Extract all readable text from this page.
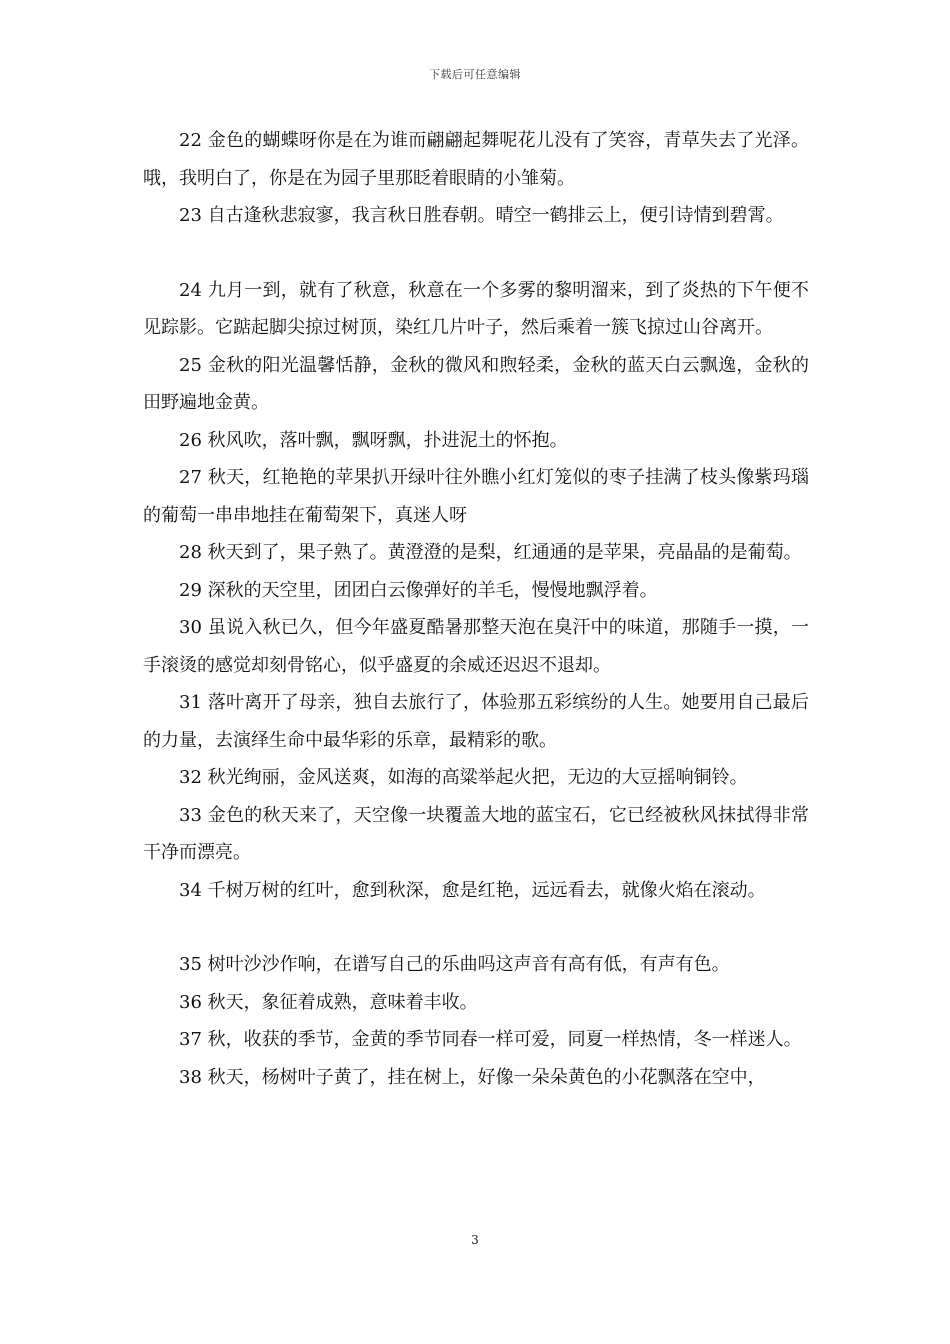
下载后可任意编辑

22 金色的蝴蝶呀你是在为谁而翩翩起舞呢花儿没有了笑容，青草失去了光泽。哦，我明白了，你是在为园子里那眨着眼睛的小雏菊。

23 自古逢秋悲寂寥，我言秋日胜春朝。晴空一鹤排云上，便引诗情到碧霄。

24 九月一到，就有了秋意，秋意在一个多雾的黎明溜来，到了炎热的下午便不见踪影。它踮起脚尖掠过树顶，染红几片叶子，然后乘着一簇飞掠过山谷离开。

25 金秋的阳光温馨恬静，金秋的微风和煦轻柔，金秋的蓝天白云飘逸，金秋的田野遍地金黄。

26 秋风吹，落叶飘，飘呀飘，扑进泥土的怀抱。

27 秋天，红艳艳的苹果扒开绿叶往外瞧小红灯笼似的枣子挂满了枝头像紫玛瑙的葡萄一串串地挂在葡萄架下，真迷人呀

28 秋天到了，果子熟了。黄澄澄的是梨，红通通的是苹果，亮晶晶的是葡萄。

29 深秋的天空里，团团白云像弹好的羊毛，慢慢地飘浮着。

30 虽说入秋已久，但今年盛夏酷暑那整天泡在臭汗中的味道，那随手一摸，一手滚烫的感觉却刻骨铭心，似乎盛夏的余威还迟迟不退却。

31 落叶离开了母亲，独自去旅行了，体验那五彩缤纷的人生。她要用自己最后的力量，去演绎生命中最华彩的乐章，最精彩的歌。

32 秋光绚丽，金风送爽，如海的高粱举起火把，无边的大豆摇响铜铃。

33 金色的秋天来了，天空像一块覆盖大地的蓝宝石，它已经被秋风抹拭得非常干净而漂亮。

34 千树万树的红叶，愈到秋深，愈是红艳，远远看去，就像火焰在滚动。

35 树叶沙沙作响，在谱写自己的乐曲吗这声音有高有低，有声有色。

36 秋天，象征着成熟，意味着丰收。

37 秋，收获的季节，金黄的季节同春一样可爱，同夏一样热情，冬一样迷人。

38 秋天，杨树叶子黄了，挂在树上，好像一朵朵黄色的小花飘落在空中，

3
